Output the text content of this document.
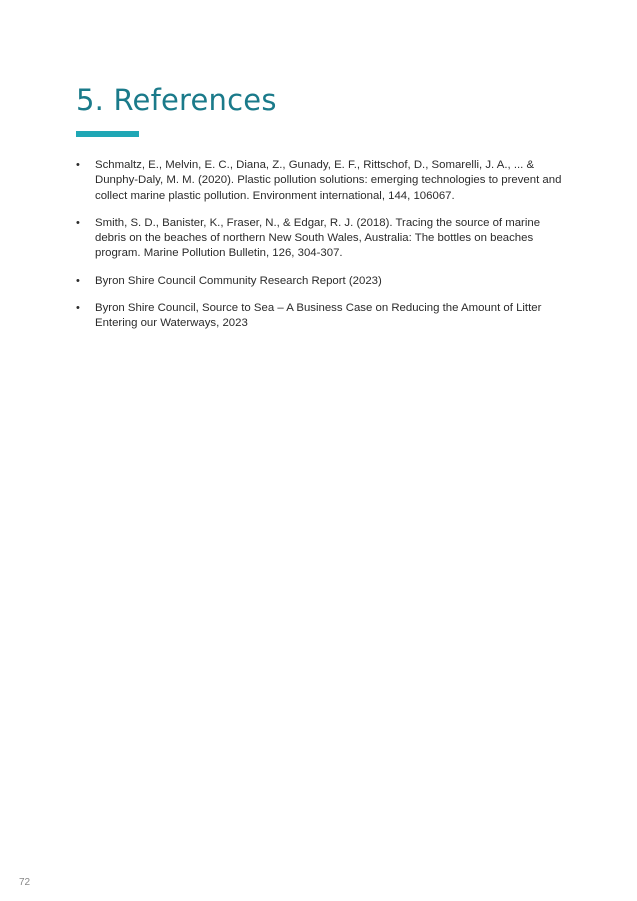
5. References
• Schmaltz, E., Melvin, E. C., Diana, Z., Gunady, E. F., Rittschof, D., Somarelli, J. A., ... & Dunphy-Daly, M. M. (2020). Plastic pollution solutions: emerging technologies to prevent and collect marine plastic pollution. Environment international, 144, 106067.
• Smith, S. D., Banister, K., Fraser, N., & Edgar, R. J. (2018). Tracing the source of marine debris on the beaches of northern New South Wales, Australia: The bottles on beaches program. Marine Pollution Bulletin, 126, 304-307.
• Byron Shire Council Community Research Report (2023)
• Byron Shire Council, Source to Sea – A Business Case on Reducing the Amount of Litter Entering our Waterways, 2023
72
